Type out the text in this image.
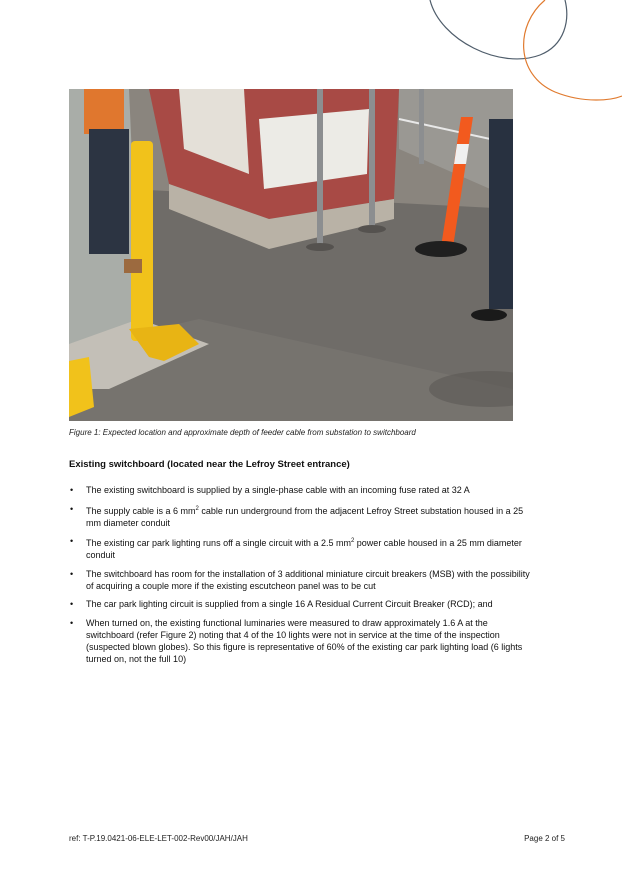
Figure 1: Expected location and approximate depth of feeder cable from substation to switchboard
Existing switchboard (located near the Lefroy Street entrance)
• The existing switchboard is supplied by a single-phase cable with an incoming fuse rated at 32 A
• The supply cable is a 6 $mm^2$ cable run underground from the adjacent Lefroy Street substation housed in a 25 mm diameter conduit
• The existing car park lighting runs off a single circuit with a 2.5 $mm^2$ power cable housed in a 25 mm diameter conduit
• The switchboard has room for the installation of 3 additional miniature circuit breakers (MSB) with the possibility of acquiring a couple more if the existing escutcheon panel was to be cut
• The car park lighting circuit is supplied from a single 16 A Residual Current Circuit Breaker (RCD); and
• When turned on, the existing functional luminaries were measured to draw approximately 1.6 A at the switchboard (refer Figure 2) noting that 4 of the 10 lights were not in service at the time of the inspection (suspected blown globes). So this figure is representative of 60% of the existing car park lighting load (6 lights turned on, not the full 10)
ref: T-P.19.0421-06-ELE-LET-002-Rev00/JAH/JAH	Page 2 of 5
